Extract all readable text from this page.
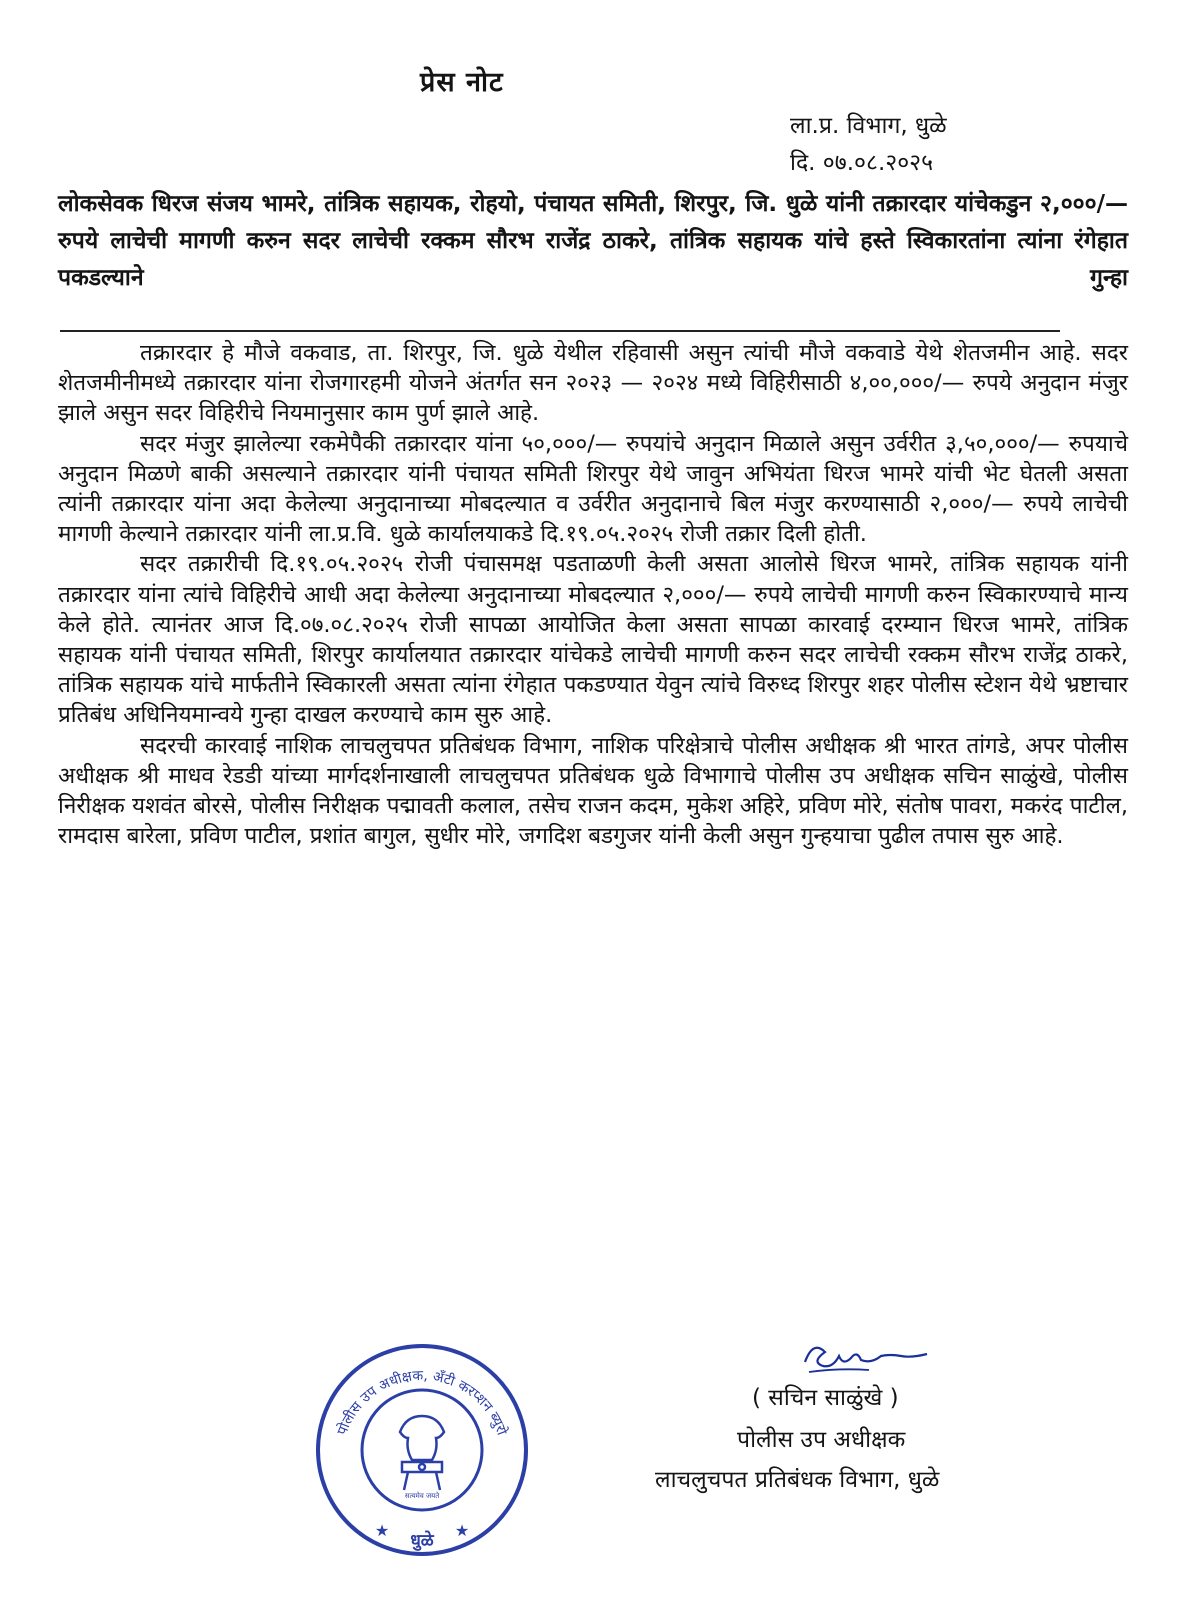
प्रेस नोट
ला.प्र. विभाग, धुळे
दि. ०७.०८.२०२५
लोकसेवक धिरज संजय भामरे, तांत्रिक सहायक, रोहयो, पंचायत समिती, शिरपुर, जि. धुळे यांनी तक्रारदार यांचेकडुन २,०००/— रुपये लाचेची मागणी करुन सदर लाचेची रक्कम सौरभ राजेंद्र ठाकरे, तांत्रिक सहायक यांचे हस्ते स्विकारतांना त्यांना रंगेहात पकडल्याने गुन्हा

तक्रारदार हे मौजे वकवाड, ता. शिरपुर, जि. धुळे येथील रहिवासी असुन त्यांची मौजे वकवाडे येथे शेतजमीन आहे. सदर शेतजमीनीमध्ये तक्रारदार यांना रोजगारहमी योजने अंतर्गत सन २०२३ — २०२४ मध्ये विहिरीसाठी ४,००,०००/— रुपये अनुदान मंजुर झाले असुन सदर विहिरीचे नियमानुसार काम पुर्ण झाले आहे.

सदर मंजुर झालेल्या रकमेपैकी तक्रारदार यांना ५०,०००/— रुपयांचे अनुदान मिळाले असुन उर्वरीत ३,५०,०००/— रुपयाचे अनुदान मिळणे बाकी असल्याने तक्रारदार यांनी पंचायत समिती शिरपुर येथे जावुन अभियंता धिरज भामरे यांची भेट घेतली असता त्यांनी तक्रारदार यांना अदा केलेल्या अनुदानाच्या मोबदल्यात व उर्वरीत अनुदानाचे बिल मंजुर करण्यासाठी २,०००/— रुपये लाचेची मागणी केल्याने तक्रारदार यांनी ला.प्र.वि. धुळे कार्यालयाकडे दि.१९.०५.२०२५ रोजी तक्रार दिली होती.

सदर तक्रारीची दि.१९.०५.२०२५ रोजी पंचासमक्ष पडताळणी केली असता आलोसे धिरज भामरे, तांत्रिक सहायक यांनी तक्रारदार यांना त्यांचे विहिरीचे आधी अदा केलेल्या अनुदानाच्या मोबदल्यात २,०००/— रुपये लाचेची मागणी करुन स्विकारण्याचे मान्य केले होते. त्यानंतर आज दि.०७.०८.२०२५ रोजी सापळा आयोजित केला असता सापळा कारवाई दरम्यान धिरज भामरे, तांत्रिक सहायक यांनी पंचायत समिती, शिरपुर कार्यालयात तक्रारदार यांचेकडे लाचेची मागणी करुन सदर लाचेची रक्कम सौरभ राजेंद्र ठाकरे, तांत्रिक सहायक यांचे मार्फतीने स्विकारली असता त्यांना रंगेहात पकडण्यात येवुन त्यांचे विरुध्द शिरपुर शहर पोलीस स्टेशन येथे भ्रष्टाचार प्रतिबंध अधिनियमान्वये गुन्हा दाखल करण्याचे काम सुरु आहे.

सदरची कारवाई नाशिक लाचलुचपत प्रतिबंधक विभाग, नाशिक परिक्षेत्राचे पोलीस अधीक्षक श्री भारत तांगडे, अपर पोलीस अधीक्षक श्री माधव रेडडी यांच्या मार्गदर्शनाखाली लाचलुचपत प्रतिबंधक धुळे विभागाचे पोलीस उप अधीक्षक सचिन साळुंखे, पोलीस निरीक्षक यशवंत बोरसे, पोलीस निरीक्षक पद्मावती कलाल, तसेच राजन कदम, मुकेश अहिरे, प्रविण मोरे, संतोष पावरा, मकरंद पाटील, रामदास बारेला, प्रविण पाटील, प्रशांत बागुल, सुधीर मोरे, जगदिश बडगुजर यांनी केली असुन गुन्हयाचा पुढील तपास सुरु आहे.

पोलीस उप अधीक्षक, अँटी करप्शन ब्युरो
धुळे
★	★
सत्यमेव जयते
( सचिन साळुंखे )
पोलीस उप अधीक्षक
लाचलुचपत प्रतिबंधक विभाग, धुळे
